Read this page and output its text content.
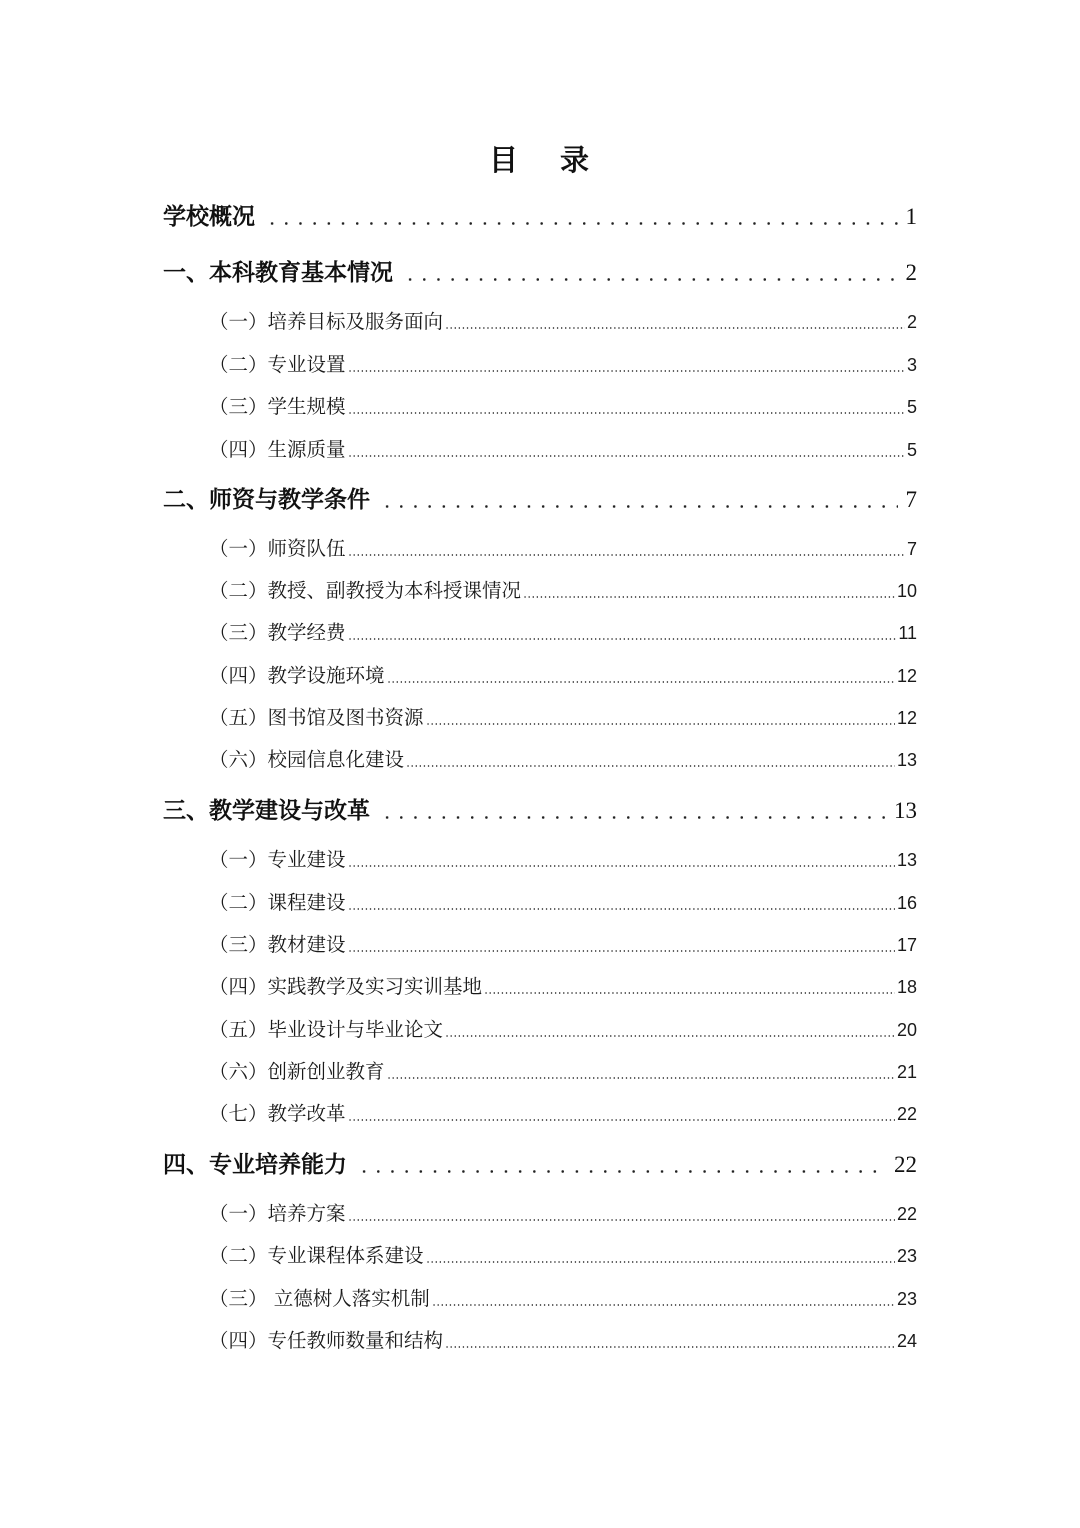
目 录
学校概况	1
一、本科教育基本情况	2
（一）培养目标及服务面向	2
（二）专业设置	3
（三）学生规模	5
（四）生源质量	5
二、师资与教学条件	7
（一）师资队伍	7
（二）教授、副教授为本科授课情况	10
（三）教学经费	11
（四）教学设施环境	12
（五）图书馆及图书资源	12
（六）校园信息化建设	13
三、教学建设与改革	13
（一）专业建设	13
（二）课程建设	16
（三）教材建设	17
（四）实践教学及实习实训基地	18
（五）毕业设计与毕业论文	20
（六）创新创业教育	21
（七）教学改革	22
四、专业培养能力	22
（一）培养方案	22
（二）专业课程体系建设	23
（三） 立德树人落实机制	23
（四）专任教师数量和结构	24
